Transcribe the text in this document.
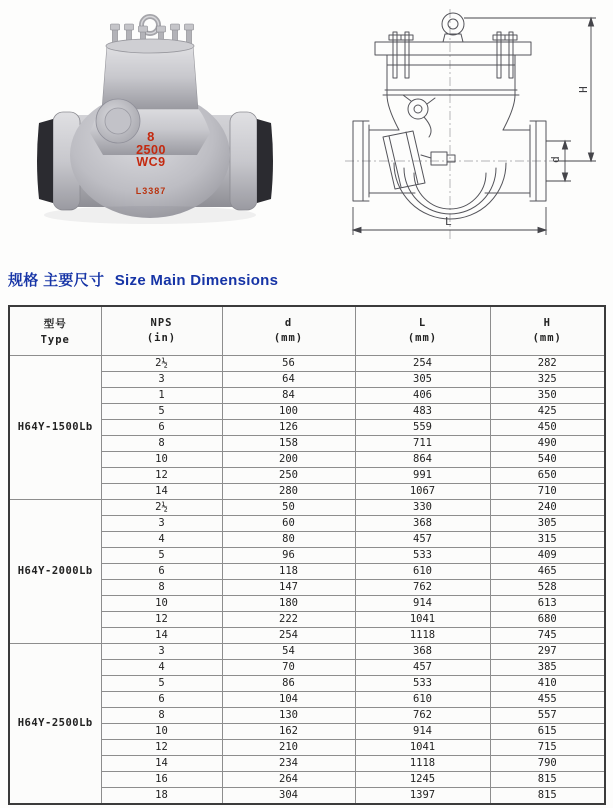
8
2500
WC9
L3387
H
d
L
规格 主要尺寸 Size Main Dimensions
型号
Type

NPS
(in)

d
(mm)

L
(mm)

H
(mm)

H64Y-1500Lb	2½	56	254	282
	3	64	305	325
	1	84	406	350
	5	100	483	425
	6	126	559	450
	8	158	711	490
	10	200	864	540
	12	250	991	650
	14	280	1067	710
H64Y-2000Lb	2½	50	330	240
	3	60	368	305
	4	80	457	315
	5	96	533	409
	6	118	610	465
	8	147	762	528
	10	180	914	613
	12	222	1041	680
	14	254	1118	745
H64Y-2500Lb	3	54	368	297
	4	70	457	385
	5	86	533	410
	6	104	610	455
	8	130	762	557
	10	162	914	615
	12	210	1041	715
	14	234	1118	790
	16	264	1245	815
	18	304	1397	815
